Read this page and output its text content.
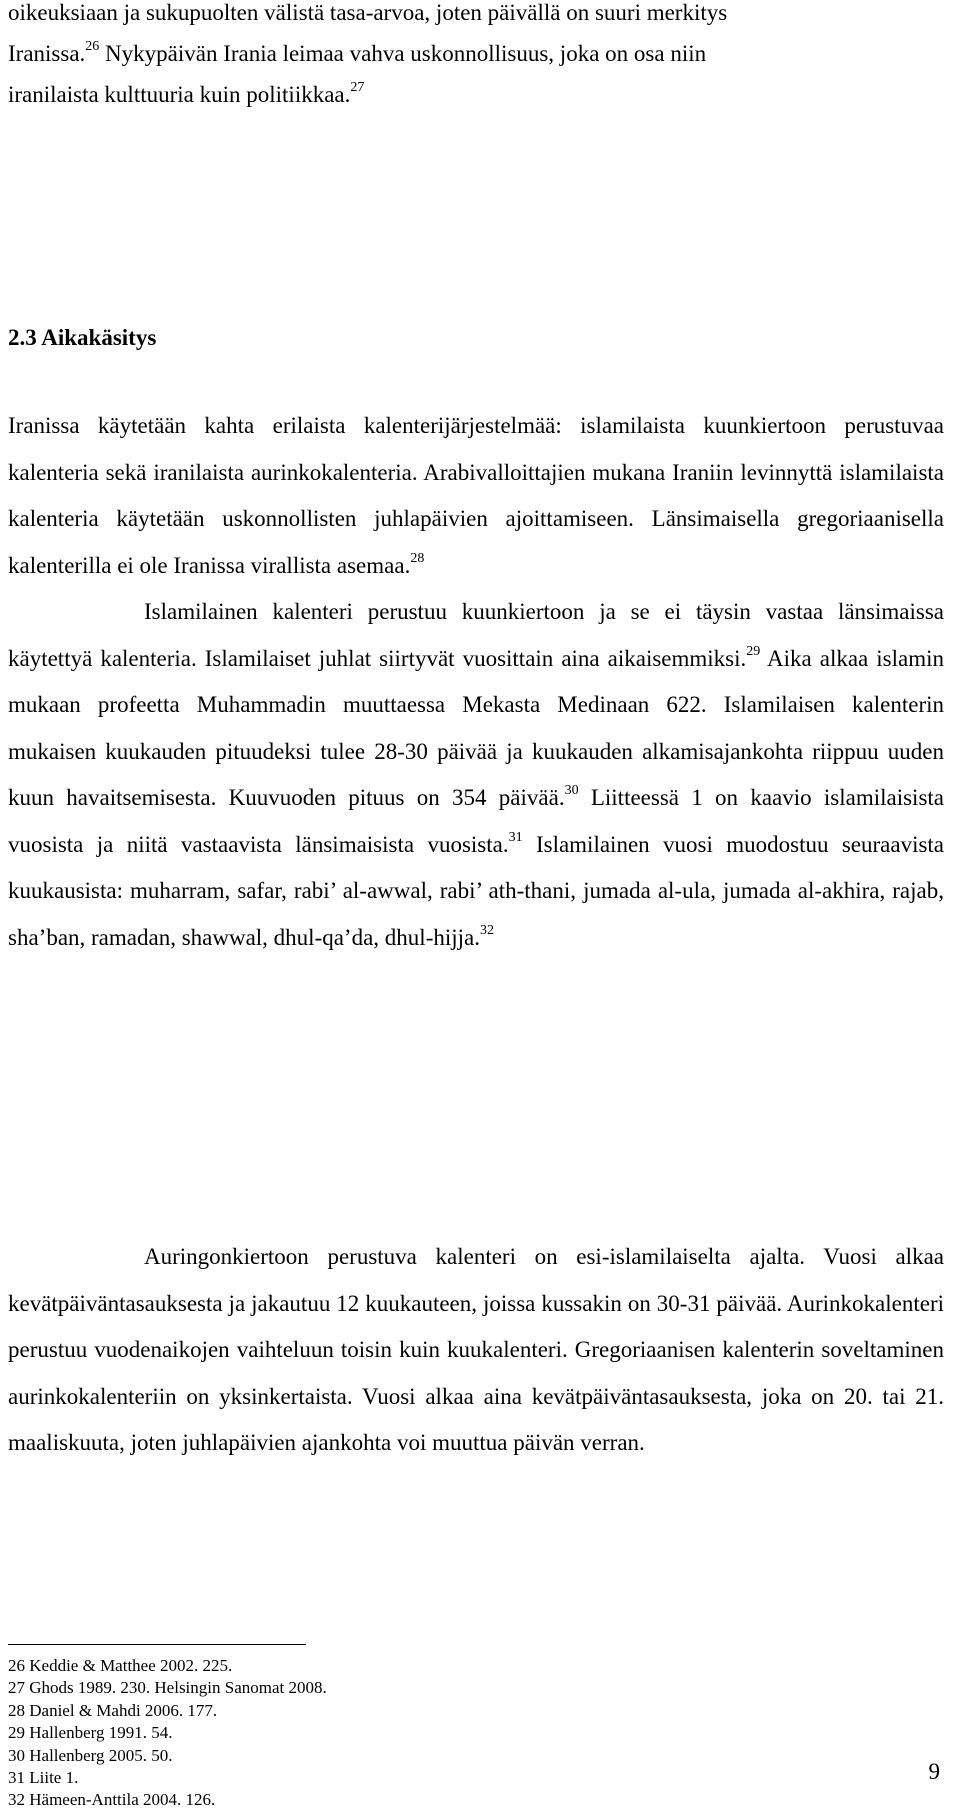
oikeuksiaan ja sukupuolten välistä tasa-arvoa, joten päivällä on suuri merkitys
Iranissa.$^{26}$ Nykypäivän Irania leimaa vahva uskonnollisuus, joka on osa niin
iranilaista kulttuuria kuin politiikkaa.$^{27}$

2.3 Aikakäsitys

Iranissa käytetään kahta erilaista kalenterijärjestelmää: islamilaista kuunkiertoon perustuvaa kalenteria sekä iranilaista aurinkokalenteria. Arabivalloittajien mukana Iraniin levinnyttä islamilaista kalenteria käytetään uskonnollisten juhlapäivien ajoittamiseen. Länsimaisella gregoriaanisella kalenterilla ei ole Iranissa virallista asemaa.$^{28}$
Islamilainen kalenteri perustuu kuunkiertoon ja se ei täysin vastaa länsimaissa käytettyä kalenteria. Islamilaiset juhlat siirtyvät vuosittain aina aikaisemmiksi.$^{29}$ Aika alkaa islamin mukaan profeetta Muhammadin muuttaessa Mekasta Medinaan 622. Islamilaisen kalenterin mukaisen kuukauden pituudeksi tulee 28-30 päivää ja kuukauden alkamisajankohta riippuu uuden kuun havaitsemisesta. Kuuvuoden pituus on 354 päivää.$^{30}$ Liitteessä 1 on kaavio islamilaisista vuosista ja niitä vastaavista länsimaisista vuosista.$^{31}$ Islamilainen vuosi muodostuu seuraavista kuukausista: muharram, safar, rabi’ al-awwal, rabi’ ath-thani, jumada al-ula, jumada al-akhira, rajab, sha’ban, ramadan, shawwal, dhul-qa’da, dhul-hijja.$^{32}$

Auringonkiertoon perustuva kalenteri on esi-islamilaiselta ajalta. Vuosi alkaa kevätpäiväntasauksesta ja jakautuu 12 kuukauteen, joissa kussakin on 30-31 päivää. Aurinkokalenteri perustuu vuodenaikojen vaihteluun toisin kuin kuukalenteri. Gregoriaanisen kalenterin soveltaminen aurinkokalenteriin on yksinkertaista. Vuosi alkaa aina kevätpäiväntasauksesta, joka on 20. tai 21. maaliskuuta, joten juhlapäivien ajankohta voi muuttua päivän verran.

26 Keddie & Matthee 2002. 225.
27 Ghods 1989. 230. Helsingin Sanomat 2008.
28 Daniel & Mahdi 2006. 177.
29 Hallenberg 1991. 54.
30 Hallenberg 2005. 50.
31 Liite 1.
32 Hämeen-Anttila 2004. 126.
9
